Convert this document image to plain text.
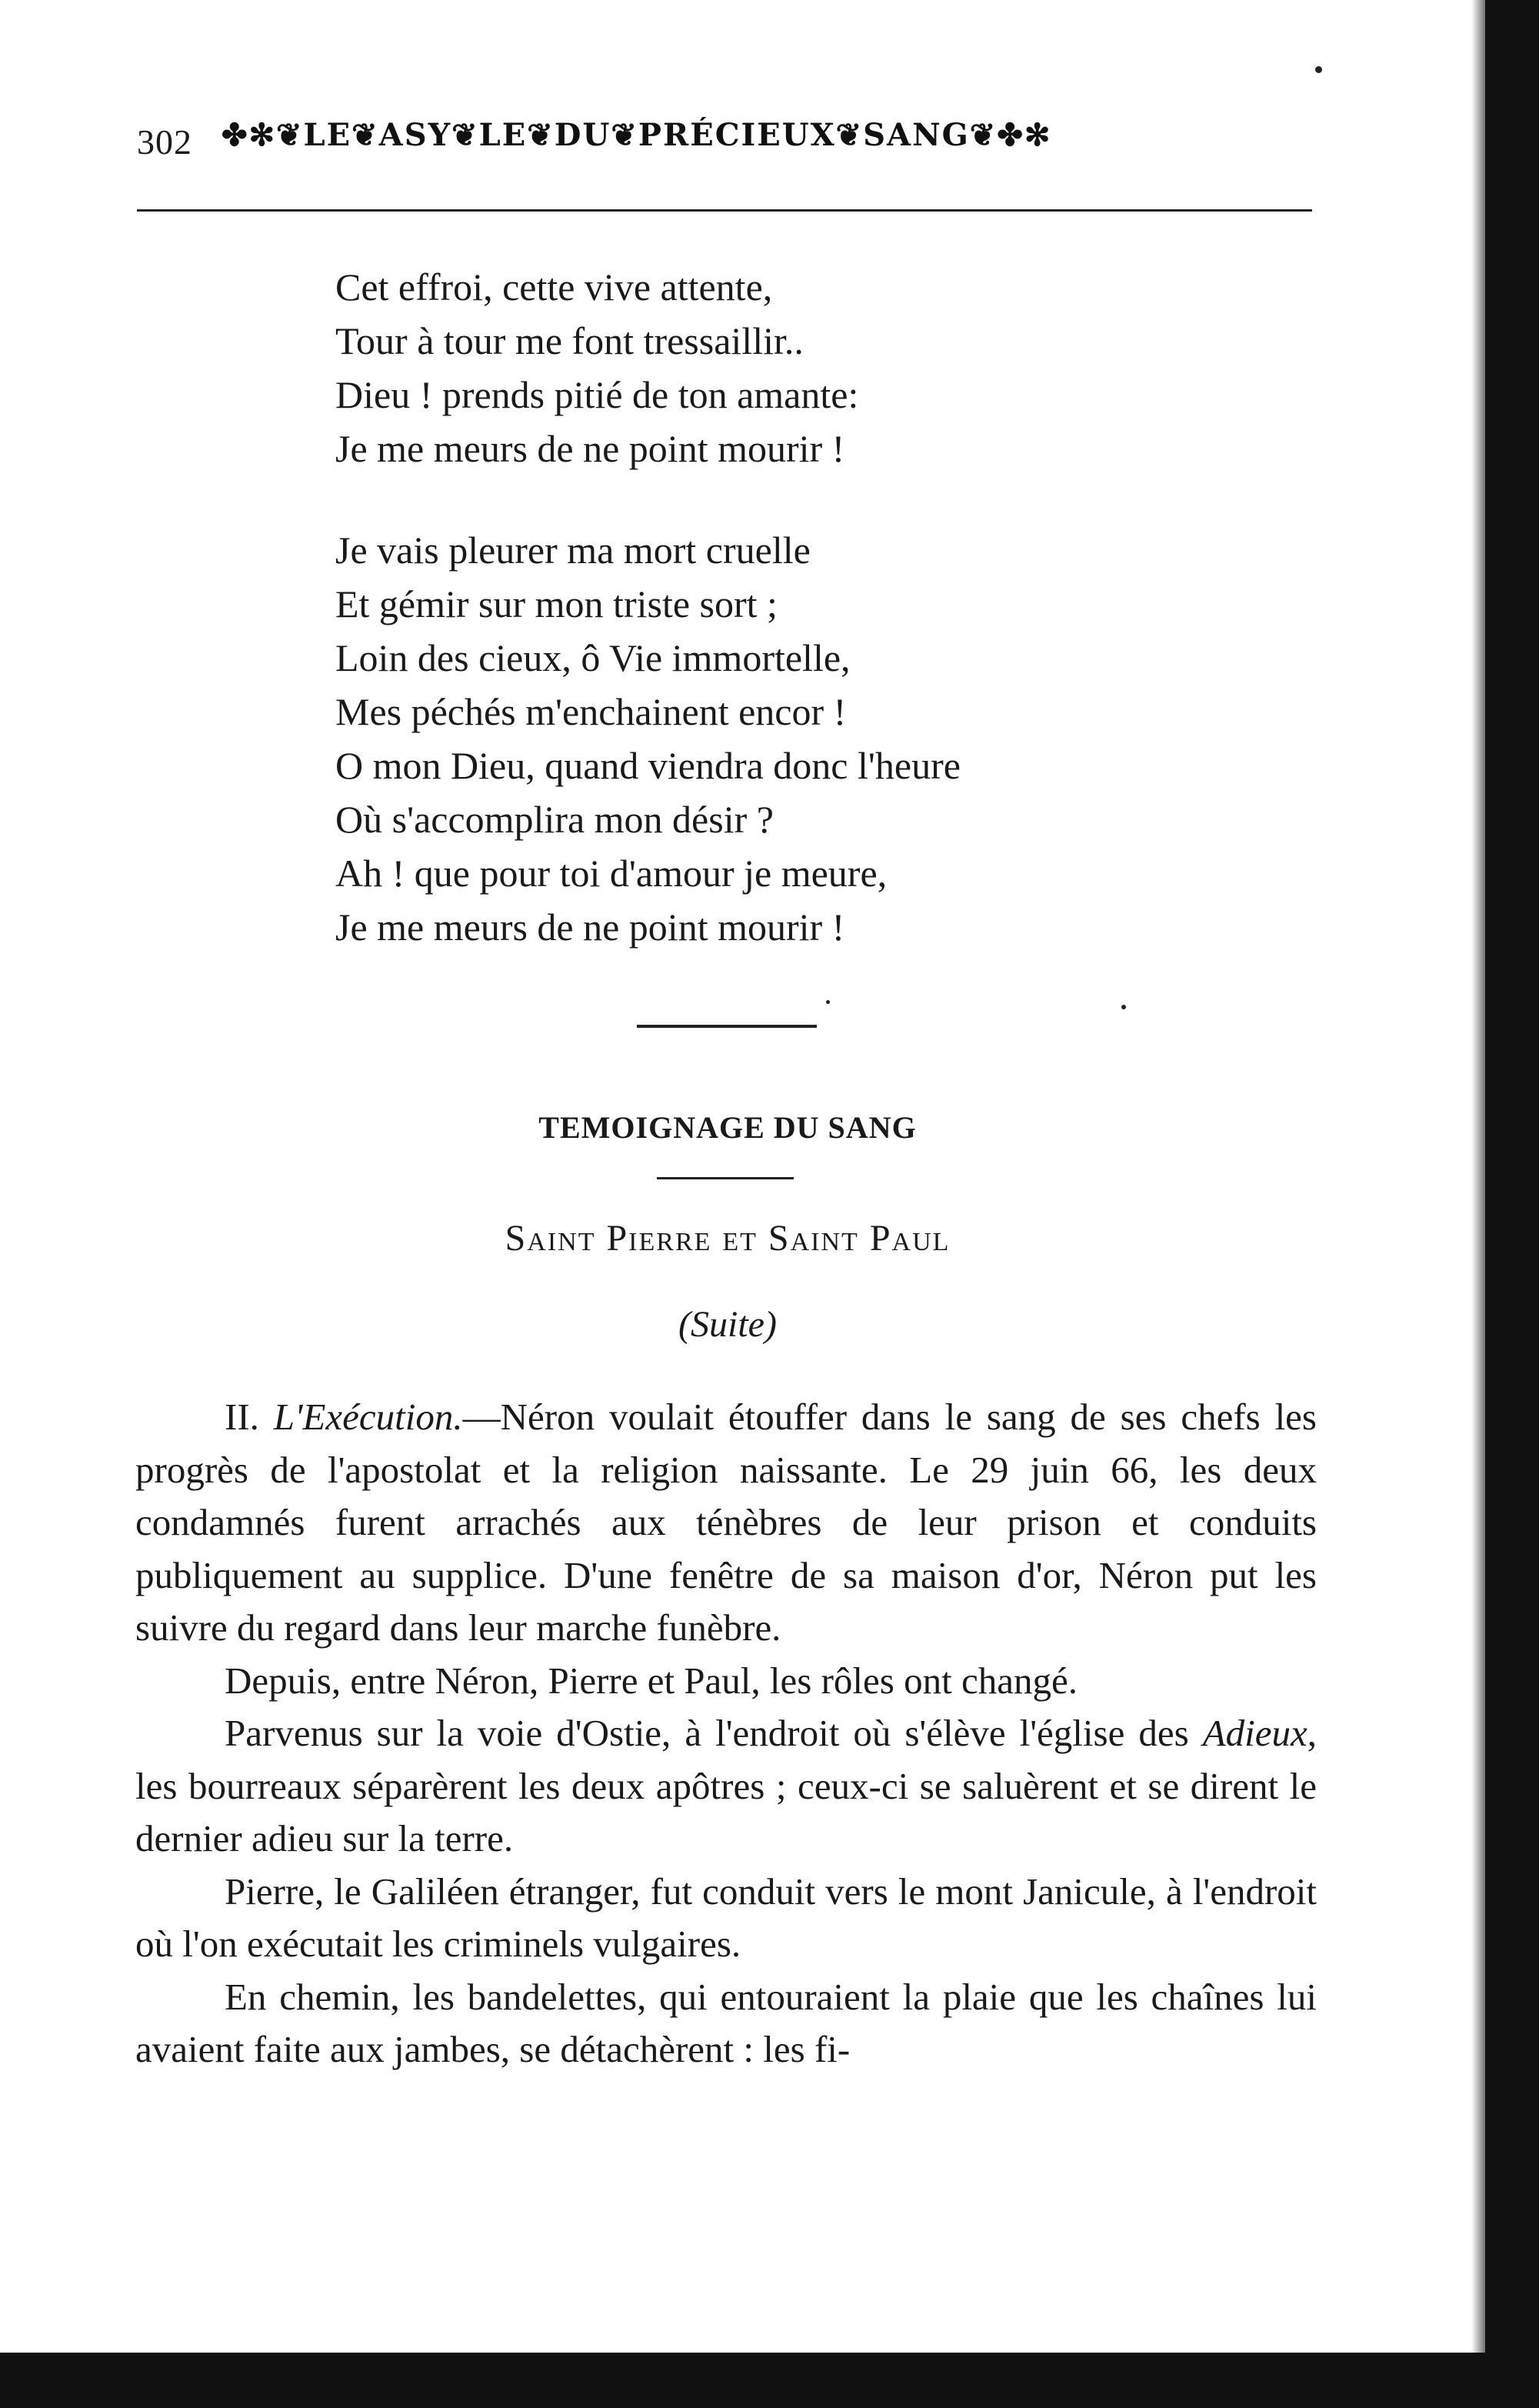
302 ✤✻❦LE❦ASY❦LE❦DU❦PRÉCIEUX❦SANG❦✤✻
Cet effroi, cette vive attente,
Tour à tour me font tressaillir..
Dieu ! prends pitié de ton amante:
Je me meurs de ne point mourir !
Je vais pleurer ma mort cruelle
Et gémir sur mon triste sort ;
Loin des cieux, ô Vie immortelle,
Mes péchés m'enchainent encor !
O mon Dieu, quand viendra donc l'heure
Où s'accomplira mon désir ?
Ah ! que pour toi d'amour je meure,
Je me meurs de ne point mourir !
TEMOIGNAGE DU SANG
Saint Pierre et Saint Paul
(Suite)

II. L'Exécution.—Néron voulait étouffer dans le sang de ses chefs les progrès de l'apostolat et la religion naissante. Le 29 juin 66, les deux condamnés furent arrachés aux ténèbres de leur prison et conduits publiquement au supplice. D'une fenêtre de sa maison d'or, Néron put les suivre du regard dans leur marche funèbre.

Depuis, entre Néron, Pierre et Paul, les rôles ont changé.

Parvenus sur la voie d'Ostie, à l'endroit où s'élève l'église des Adieux, les bourreaux séparèrent les deux apôtres ; ceux-ci se saluèrent et se dirent le dernier adieu sur la terre.

Pierre, le Galiléen étranger, fut conduit vers le mont Janicule, à l'endroit où l'on exécutait les criminels vulgaires.

En chemin, les bandelettes, qui entouraient la plaie que les chaînes lui avaient faite aux jambes, se détachèrent : les fi-
